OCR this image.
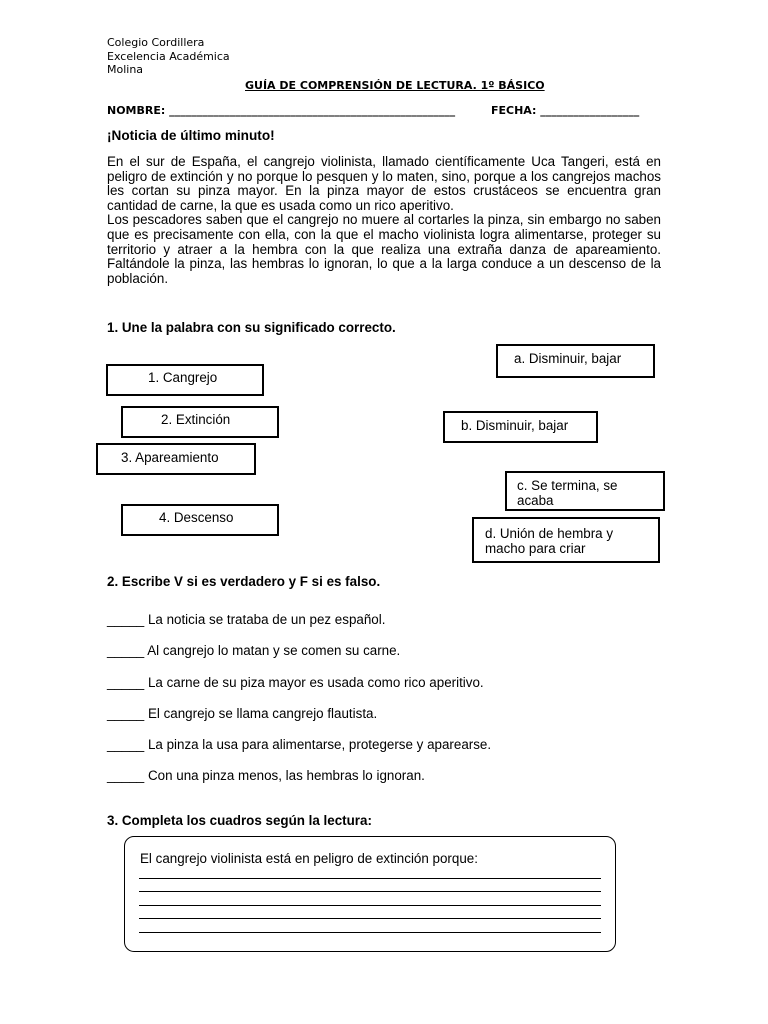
Colegio Cordillera
Excelencia Académica
Molina
GUÍA DE COMPRENSIÓN DE LECTURA. 1º BÁSICO
NOMBRE: ____________________________________________________	FECHA: __________________
¡Noticia de último minuto!

En el sur de España, el cangrejo violinista, llamado científicamente Uca Tangeri, está en peligro de extinción y no porque lo pesquen y lo maten, sino, porque a los cangrejos machos les cortan su pinza mayor. En la pinza mayor de estos crustáceos se encuentra gran cantidad de carne, la que es usada como un rico aperitivo.

Los pescadores saben que el cangrejo no muere al cortarles la pinza, sin embargo no saben que es precisamente con ella, con la que el macho violinista logra alimentarse, proteger su territorio y atraer a la hembra con la que realiza una extraña danza de apareamiento. Faltándole la pinza, las hembras lo ignoran, lo que a la larga conduce a un descenso de la población.

1. Une la palabra con su significado correcto.
1. Cangrejo
2. Extinción
3. Apareamiento
4. Descenso
a. Disminuir, bajar
b. Disminuir, bajar
c. Se termina, se acaba
d. Unión de hembra y macho para criar
2. Escribe V si es verdadero y F si es falso.
_____ La noticia se trataba de un pez español.
_____ Al cangrejo lo matan y se comen su carne.
_____ La carne de su piza mayor es usada como rico aperitivo.
_____ El cangrejo se llama cangrejo flautista.
_____ La pinza la usa para alimentarse, protegerse y aparearse.
_____ Con una pinza menos, las hembras lo ignoran.
3. Completa los cuadros según la lectura:
El cangrejo violinista está en peligro de extinción porque:
